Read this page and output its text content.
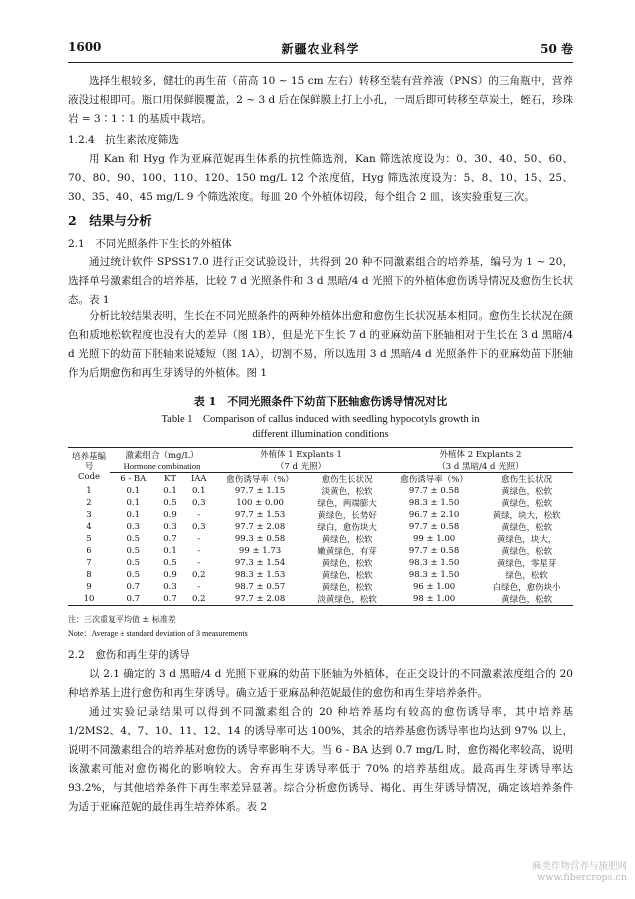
1600	新疆农业科学	50 卷
选择生根较多，健壮的再生苗（苗高 10 ~ 15 cm 左右）转移至装有营养液（PNS）的三角瓶中，营养液没过根即可。瓶口用保鲜膜覆盖，2 ~ 3 d 后在保鲜膜上打上小孔，一周后即可转移至草炭土，蛭石，珍珠岩 = 3∶1∶1 的基质中栽培。
1.2.4　抗生素浓度筛选
用 Kan 和 Hyg 作为亚麻范妮再生体系的抗性筛选剂，Kan 筛选浓度设为：0、30、40、50、60、70、80、90、100、110、120、150 mg/L 12 个浓度值，Hyg 筛选浓度设为：5、8、10、15、25、30、35、40、45 mg/L 9 个筛选浓度。每皿 20 个外植体切段，每个组合 2 皿，该实验重复三次。
2　结果与分析
2.1　不同光照条件下生长的外植体
通过统计软件 SPSS17.0 进行正交试验设计，共得到 20 种不同激素组合的培养基，编号为 1 ~ 20，选择单号激素组合的培养基，比较 7 d 光照条件和 3 d 黑暗/4 d 光照下的外植体愈伤诱导情况及愈伤生长状态。表 1
分析比较结果表明，生长在不同光照条件的两种外植体出愈和愈伤生长状况基本相同。愈伤生长状况在颜色和质地松软程度也没有大的差异（图 1B），但是光下生长 7 d 的亚麻幼苗下胚轴相对于生长在 3 d 黑暗/4 d 光照下的幼苗下胚轴来说矮短（图 1A），切割不易，所以选用 3 d 黑暗/4 d 光照条件下的亚麻幼苗下胚轴作为后期愈伤和再生芽诱导的外植体。图 1
表 1　不同光照条件下幼苗下胚轴愈伤诱导情况对比
Table 1　Comparison of callus induced with seedling hypocotyls growth in
different illumination conditions
培养基编号
Code	激素组合（mg/L）
Hormone combination			外植体 1 Explants 1
（7 d 光照）		外植体 2 Explants 2
（3 d 黑暗/4 d 光照）	
	6 - BA	KT	IAA	愈伤诱导率（%）	愈伤生长状况	愈伤诱导率（%）	愈伤生长状况

1	0.1	0.1	0.1	97.7 ± 1.15	淡黄色，松软	97.7 ± 0.58	黄绿色，松软
2	0.1	0.5	0.3	100 ± 0.00	绿色，两端膨大	98.3 ± 1.50	黄绿色，松软
3	0.1	0.9	-	97.7 ± 1.53	黄绿色，长势好	96.7 ± 2.10	黄绿，块大，松软
4	0.3	0.3	0.3	97.7 ± 2.08	绿白，愈伤块大	97.7 ± 0.58	黄绿色，松软
5	0.5	0.7	-	99.3 ± 0.58	黄绿色，松软	99 ± 1.00	黄绿色，块大，
6	0.5	0.1	-	99 ± 1.73	嫩黄绿色，有芽	97.7 ± 0.58	黄绿色，松软
7	0.5	0.5	-	97.3 ± 1.54	黄绿色，松软	98.3 ± 1.50	黄绿色，零星芽
8	0.5	0.9	0.2	98.3 ± 1.53	黄绿色，松软	98.3 ± 1.50	绿色，松软
9	0.7	0.3	-	98.7 ± 0.57	黄绿色，松软	96 ± 1.00	白绿色，愈伤块小
10	0.7	0.7	0.2	97.7 ± 2.08	淡黄绿色，松软	98 ± 1.00	黄绿色，松软
注：三次重复平均值 ± 标准差
Note：Average ± standard deviation of 3 measurements
2.2　愈伤和再生芽的诱导
以 2.1 确定的 3 d 黑暗/4 d 光照下亚麻的幼苗下胚轴为外植体，在正交设计的不同激素浓度组合的 20 种培养基上进行愈伤和再生芽诱导。确立适于亚麻品种范妮最佳的愈伤和再生芽培养条件。
通过实验记录结果可以得到不同激素组合的 20 种培养基均有较高的愈伤诱导率，其中培养基 1/2MS2、4、7、10、11、12、14 的诱导率可达 100%，其余的培养基愈伤诱导率也均达到 97% 以上，说明不同激素组合的培养基对愈伤的诱导率影响不大。当 6 - BA 达到 0.7 mg/L 时，愈伤褐化率较高，说明该激素可能对愈伤褐化的影响较大。舍弃再生芽诱导率低于 70% 的培养基组成。最高再生芽诱导率达 93.2%，与其他培养条件下再生率差异显著。综合分析愈伤诱导、褐化、再生芽诱导情况，确定该培养条件为适于亚麻范妮的最佳再生培养体系。表 2
麻类作物营养与施肥网
www.fibercrops.cn
